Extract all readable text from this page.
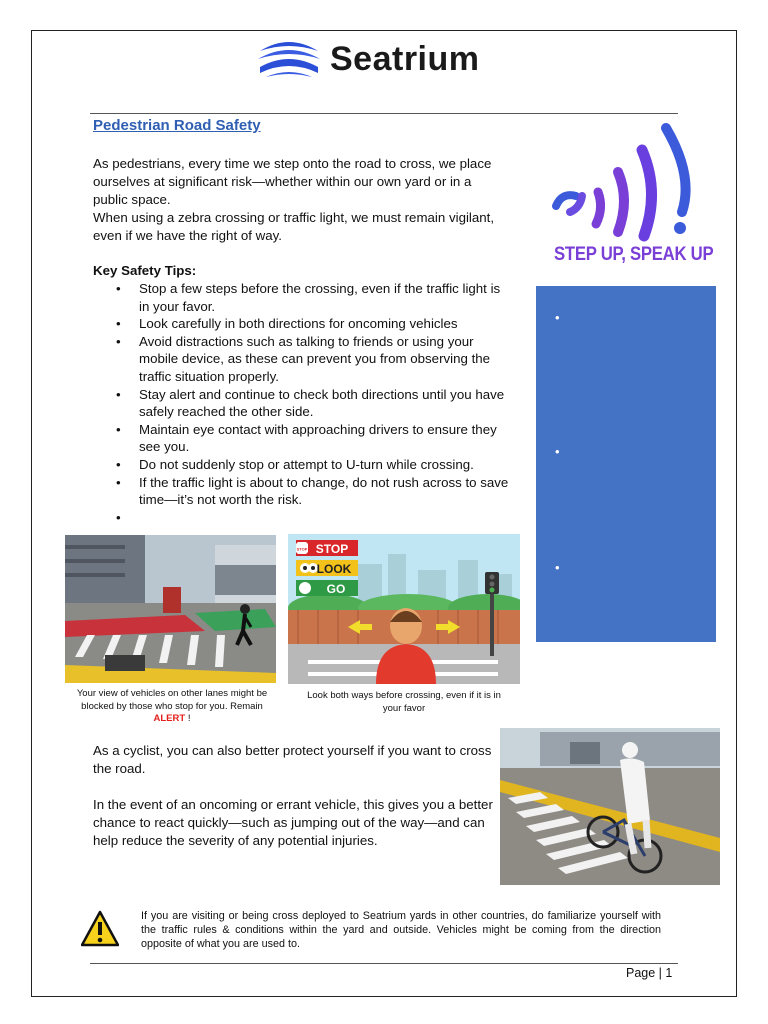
Seatrium
Pedestrian Road Safety

As pedestrians, every time we step onto the road to cross, we place ourselves at significant risk—whether within our own yard or in a public space.

When using a zebra crossing or traffic light, we must remain vigilant, even if we have the right of way.

Key Safety Tips:
• Stop a few steps before the crossing, even if the traffic light is in your favor.
• Look carefully in both directions for oncoming vehicles
• Avoid distractions such as talking to friends or using your mobile device, as these can prevent you from observing the traffic situation properly.
• Stay alert and continue to check both directions until you have safely reached the other side.
• Maintain eye contact with approaching drivers to ensure they see you.
• Do not suddenly stop or attempt to U-turn while crossing.
• If the traffic light is about to change, do not rush across to save time—it’s not worth the risk.
•
STEP UP, SPEAK UP
•
•
•
Your view of vehicles on other lanes might be blocked by those who stop for you. Remain ALERT !
STOP
LOOK
GO
STOP
Look both ways before crossing, even if it is in your favor
As a cyclist, you can also better protect yourself if you want to cross the road.
In the event of an oncoming or errant vehicle, this gives you a better chance to react quickly—such as jumping out of the way—and can help reduce the severity of any potential injuries.
If you are visiting or being cross deployed to Seatrium yards in other countries, do familiarize yourself with the traffic rules & conditions within the yard and outside. Vehicles might be coming from the direction opposite of what you are used to.
Page | 1
